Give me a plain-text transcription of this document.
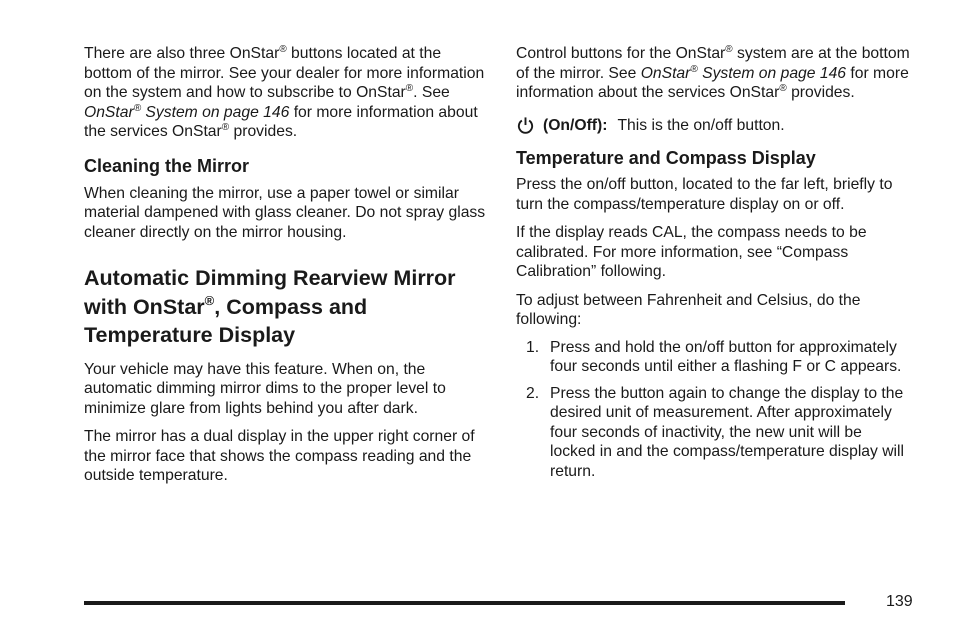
There are also three OnStar® buttons located at the bottom of the mirror. See your dealer for more information on the system and how to subscribe to OnStar®. See OnStar® System on page 146 for more information about the services OnStar® provides.

Cleaning the Mirror

When cleaning the mirror, use a paper towel or similar material dampened with glass cleaner. Do not spray glass cleaner directly on the mirror housing.

Automatic Dimming Rearview Mirror with OnStar®, Compass and Temperature Display

Your vehicle may have this feature. When on, the automatic dimming mirror dims to the proper level to minimize glare from lights behind you after dark.

The mirror has a dual display in the upper right corner of the mirror face that shows the compass reading and the outside temperature.

Control buttons for the OnStar® system are at the bottom of the mirror. See OnStar® System on page 146 for more information about the services OnStar® provides.

(On/Off): This is the on/off button.

Temperature and Compass Display

Press the on/off button, located to the far left, briefly to turn the compass/temperature display on or off.

If the display reads CAL, the compass needs to be calibrated. For more information, see “Compass Calibration” following.

To adjust between Fahrenheit and Celsius, do the following:

1. Press and hold the on/off button for approximately four seconds until either a flashing F or C appears.
2. Press the button again to change the display to the desired unit of measurement. After approximately four seconds of inactivity, the new unit will be locked in and the compass/temperature display will return.
139
